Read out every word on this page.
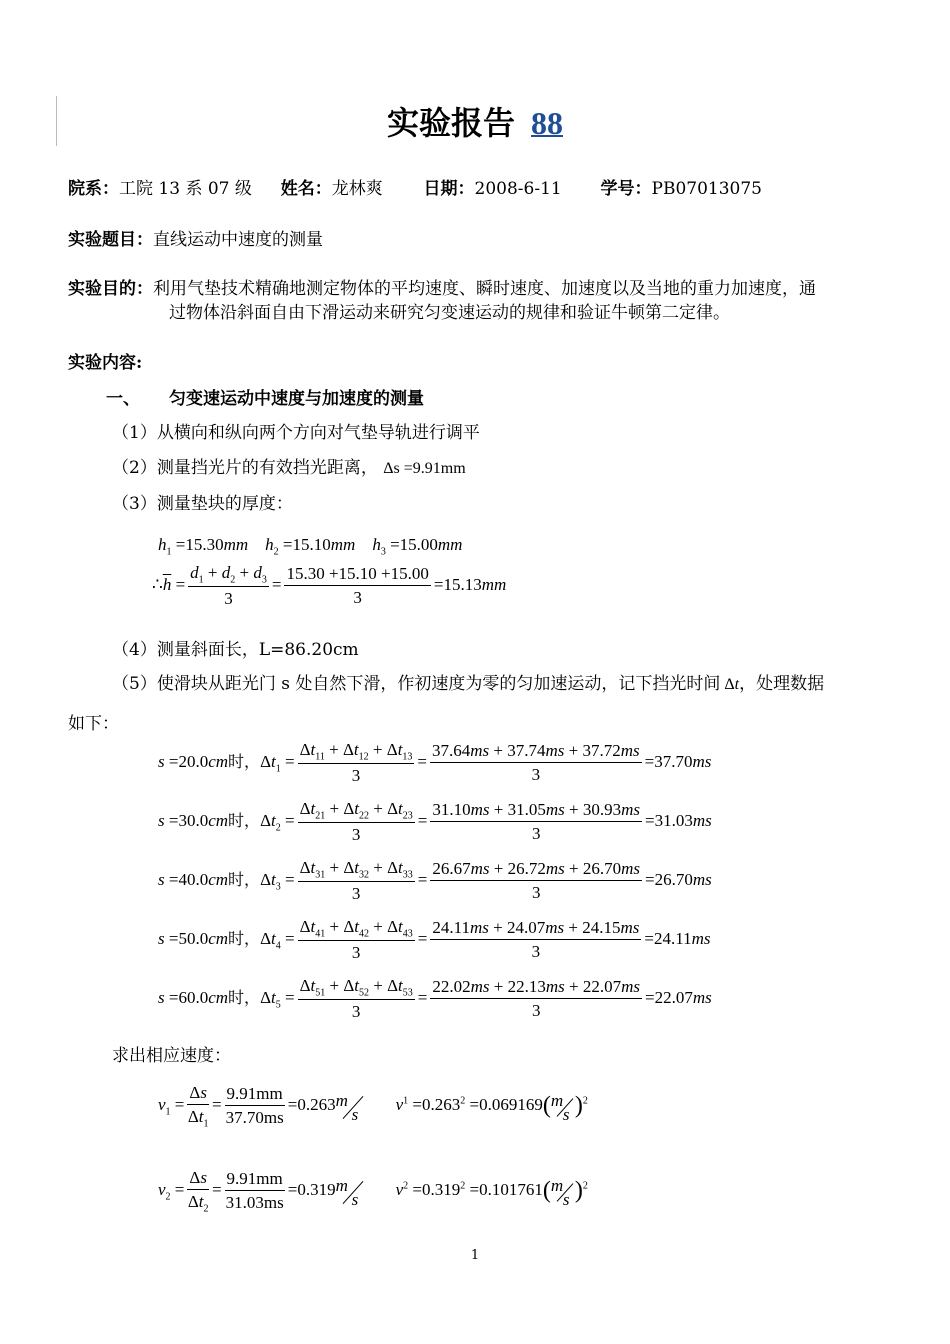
实验报告 88
院系：工院 13 系 07 级 姓名：龙林爽 日期：2008-6-11 学号：PB07013075
实验题目：直线运动中速度的测量
实验目的：利用气垫技术精确地测定物体的平均速度、瞬时速度、加速度以及当地的重力加速度，通
过物体沿斜面自由下滑运动来研究匀变速运动的规律和验证牛顿第二定律。
实验内容:
一、 匀变速运动中速度与加速度的测量
（1）从横向和纵向两个方向对气垫导轨进行调平
（2）测量挡光片的有效挡光距离， Δs =9.91mm
（3）测量垫块的厚度：
$h_1 =15.30mm$ $h_2 =15.10mm$ $h_3 =15.00mm$
$\therefore\overline{h} = \frac{d_1 + d_2 + d_3}{3} = \frac{15.30 +15.10 +15.00}{3} =15.13mm$
（4）测量斜面长，L=86.20cm
（5）使滑块从距光门 s 处自然下滑，作初速度为零的匀加速运动，记下挡光时间 Δt，处理数据
如下：
s =20.0cm时，$\Delta t_1 = \frac{\Delta t_{11} + \Delta t_{12} + \Delta t_{13}}{3} = \frac{37.64ms + 37.74ms + 37.72ms}{3} =37.70ms$
s =30.0cm时，$\Delta t_2 = \frac{\Delta t_{21} + \Delta t_{22} + \Delta t_{23}}{3} = \frac{31.10ms + 31.05ms + 30.93ms}{3} =31.03ms$
s =40.0cm时，$\Delta t_3 = \frac{\Delta t_{31} + \Delta t_{32} + \Delta t_{33}}{3} = \frac{26.67ms + 26.72ms + 26.70ms}{3} =26.70ms$
s =50.0cm时，$\Delta t_4 = \frac{\Delta t_{41} + \Delta t_{42} + \Delta t_{43}}{3} = \frac{24.11ms + 24.07ms + 24.15ms}{3} =24.11ms$
s =60.0cm时，$\Delta t_5 = \frac{\Delta t_{51} + \Delta t_{52} + \Delta t_{53}}{3} = \frac{22.02ms + 22.13ms + 22.07ms}{3} =22.07ms$
求出相应速度：
$v_1 = \frac{\Delta s}{\Delta t_1} = \frac{9.91mm}{37.70ms} =0.263$ m
s
$v^1 =0.263^2 =0.069169$( m
s )$^2$
$v_2 = \frac{\Delta s}{\Delta t_2} = \frac{9.91mm}{31.03ms} =0.319$ m
s
$v^2 =0.319^2 =0.101761$( m
s )$^2$
1
